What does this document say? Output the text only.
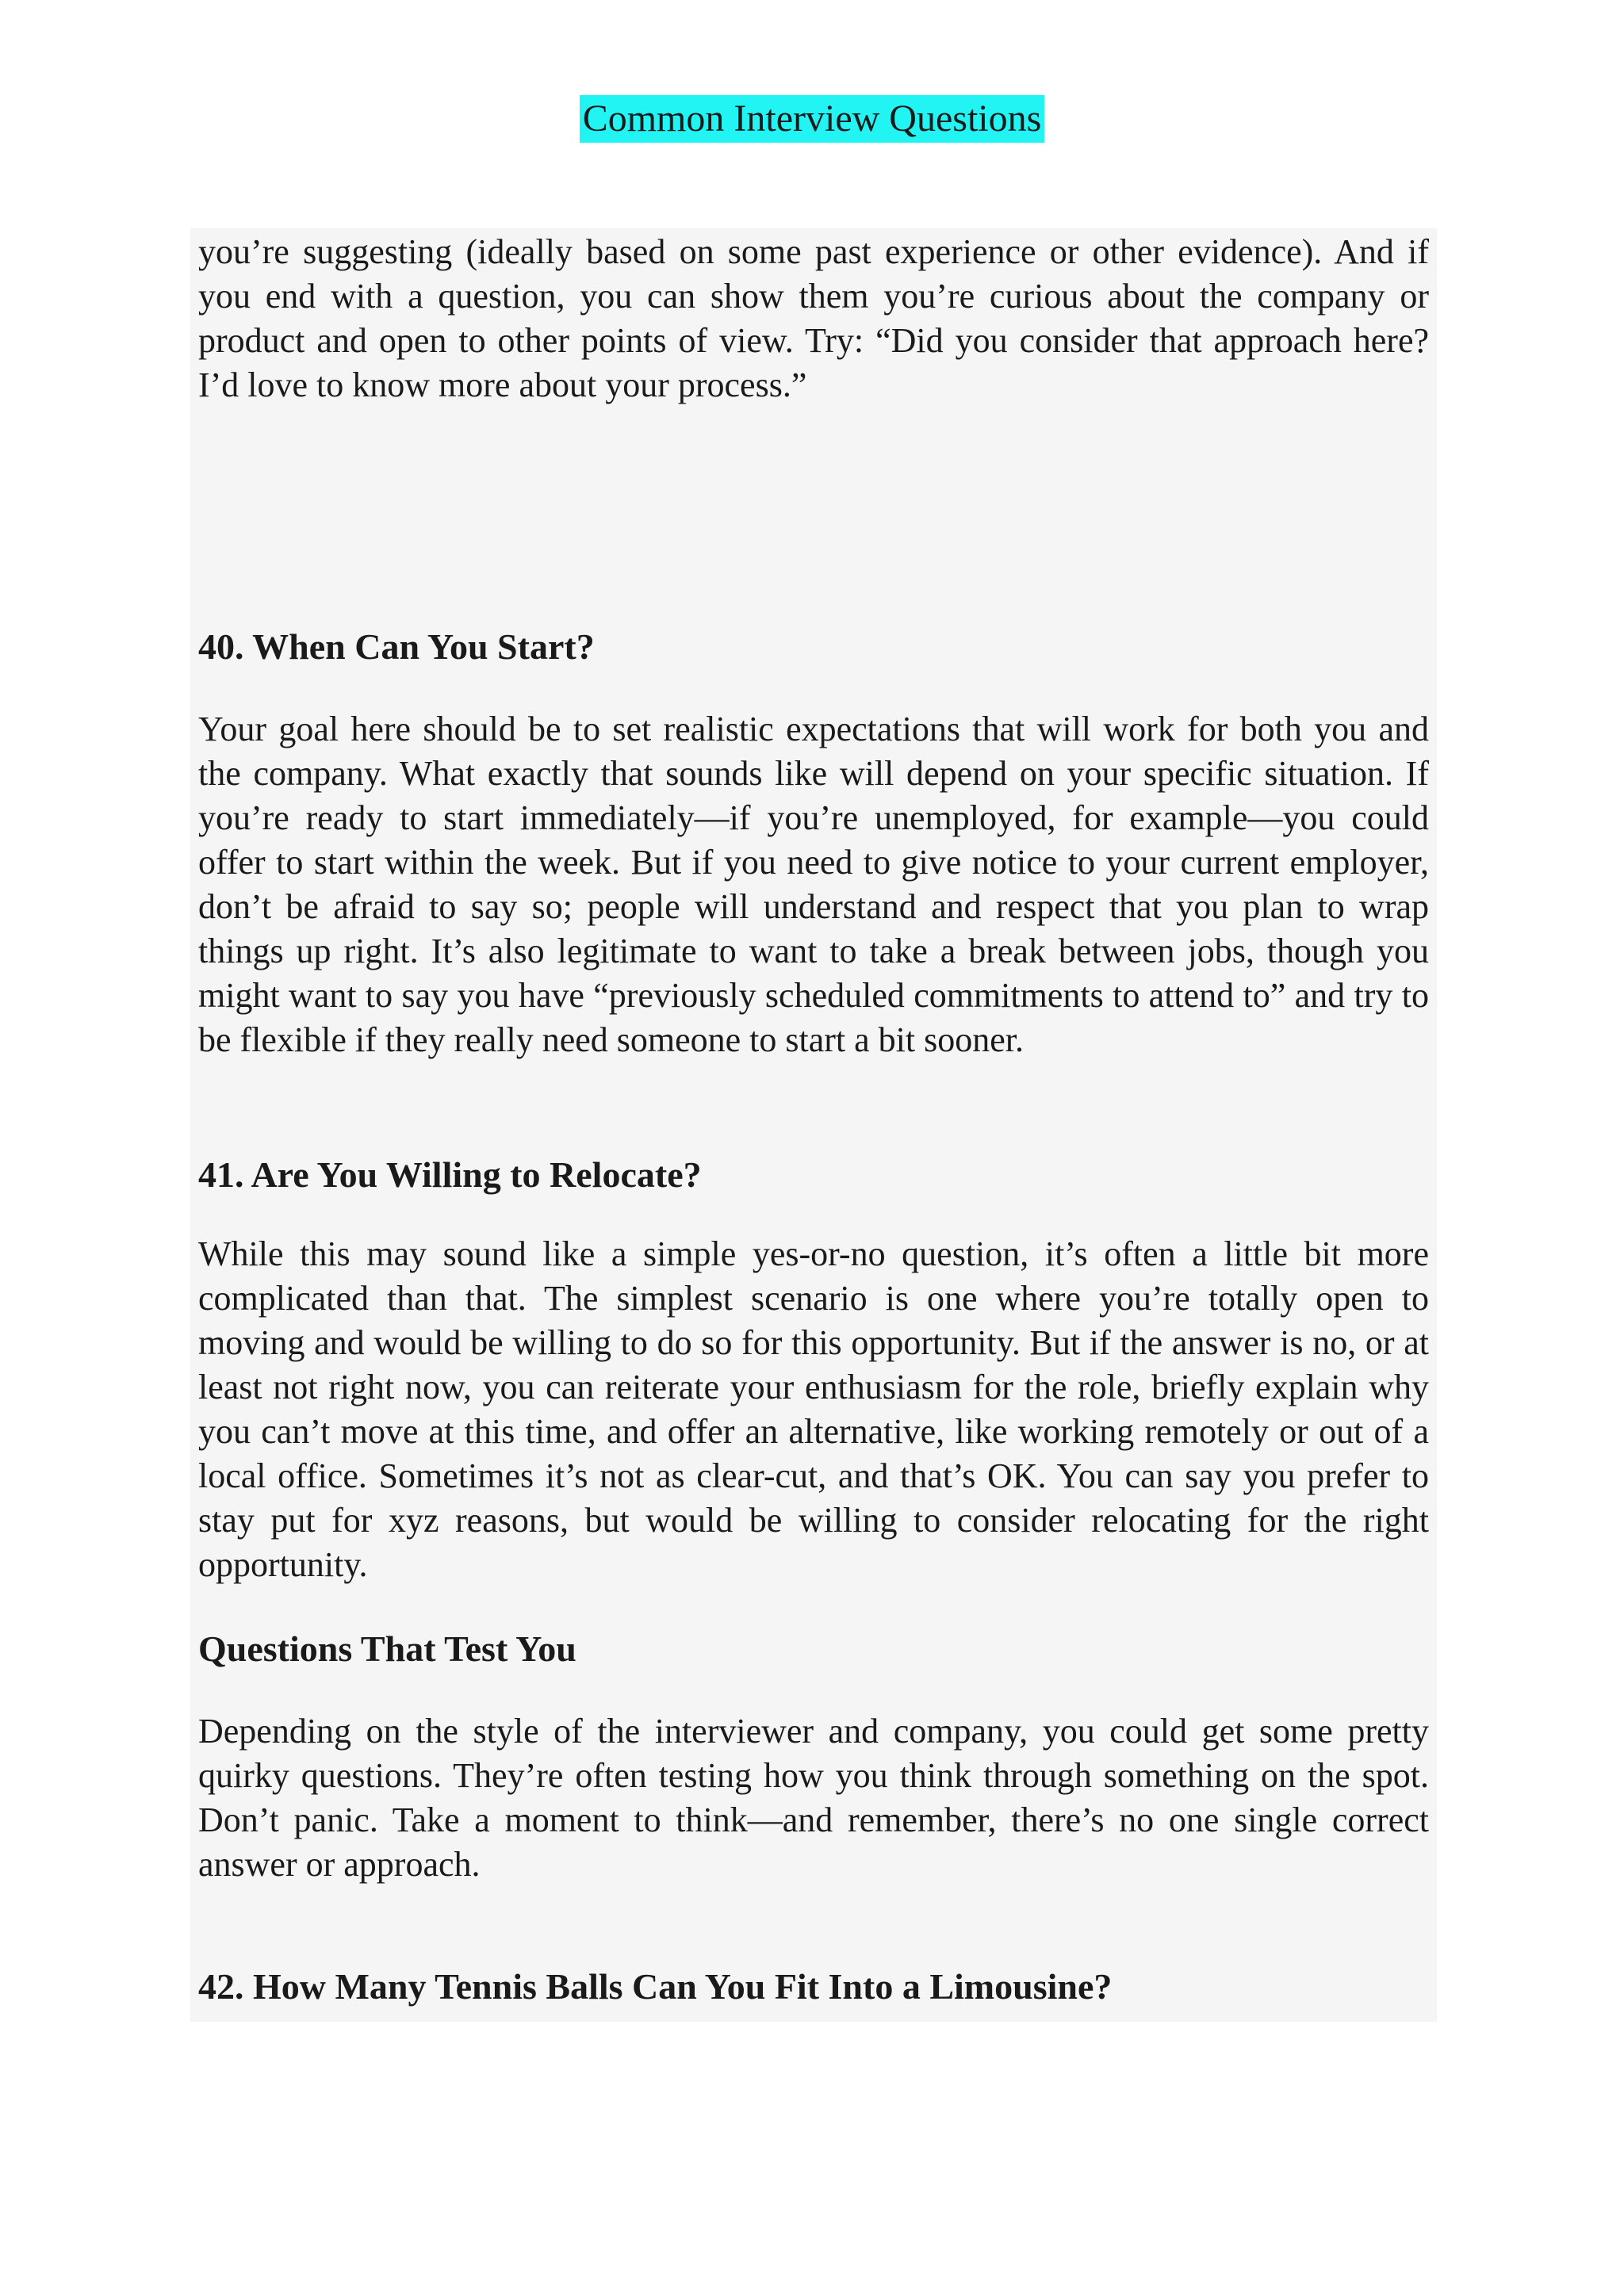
Common Interview Questions

you’re suggesting (ideally based on some past experience or other evidence). And if you end with a question, you can show them you’re curious about the company or product and open to other points of view. Try: “Did you consider that approach here? I’d love to know more about your process.”

40. When Can You Start?

Your goal here should be to set realistic expectations that will work for both you and the company. What exactly that sounds like will depend on your specific situation. If you’re ready to start immediately—if you’re unemployed, for example—you could offer to start within the week. But if you need to give notice to your current employer, don’t be afraid to say so; people will understand and respect that you plan to wrap things up right. It’s also legitimate to want to take a break between jobs, though you might want to say you have “previously scheduled commitments to attend to” and try to be flexible if they really need someone to start a bit sooner.

41. Are You Willing to Relocate?

While this may sound like a simple yes-or-no question, it’s often a little bit more complicated than that. The simplest scenario is one where you’re totally open to moving and would be willing to do so for this opportunity. But if the answer is no, or at least not right now, you can reiterate your enthusiasm for the role, briefly explain why you can’t move at this time, and offer an alternative, like working remotely or out of a local office. Sometimes it’s not as clear-cut, and that’s OK. You can say you prefer to stay put for xyz reasons, but would be willing to consider relocating for the right opportunity.

Questions That Test You

Depending on the style of the interviewer and company, you could get some pretty quirky questions. They’re often testing how you think through something on the spot. Don’t panic. Take a moment to think—and remember, there’s no one single correct answer or approach.

42. How Many Tennis Balls Can You Fit Into a Limousine?
